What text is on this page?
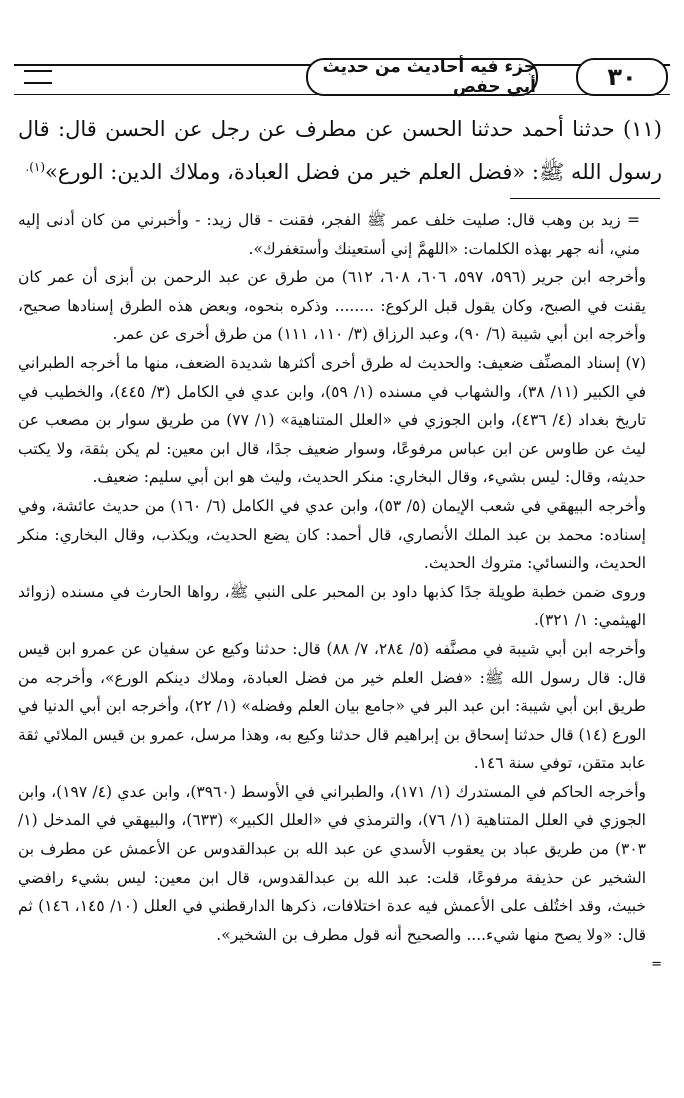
٣٠
جزء فيه أحاديث من حديث أبي حفص
(١١) حدثنا أحمد حدثنا الحسن عن مطرف عن رجل عن الحسن قال: قال رسول الله ﷺ: «فضل العلم خير من فضل العبادة، وملاك الدين: الورع»$^{(١).}$

= زيد بن وهب قال: صليت خلف عمر ﷺ الفجر، فقنت - قال زيد: - وأخبرني من كان أدنى إليه مني، أنه جهر بهذه الكلمات: «اللهمَّ إني أستعينك وأستغفرك».

وأخرجه ابن جرير (٥٩٦، ٥٩٧، ٦٠٦، ٦٠٨، ٦١٢) من طرق عن عبد الرحمن بن أبزى أن عمر كان يقنت في الصبح، وكان يقول قبل الركوع: ........ وذكره بنحوه، وبعض هذه الطرق إسنادها صحيح، وأخرجه ابن أبي شيبة (٦/ ٩٠)، وعبد الرزاق (٣/ ١١٠، ١١١) من طرق أخرى عن عمر.

(٧) إسناد المصنِّف ضعيف: والحديث له طرق أخرى أكثرها شديدة الضعف، منها ما أخرجه الطبراني في الكبير (١١/ ٣٨)، والشهاب في مسنده (١/ ٥٩)، وابن عدي في الكامل (٣/ ٤٤٥)، والخطيب في تاريخ بغداد (٤/ ٤٣٦)، وابن الجوزي في «العلل المتناهية» (١/ ٧٧) من طريق سوار بن مصعب عن ليث عن طاوس عن ابن عباس مرفوعًا، وسوار ضعيف جدًا، قال ابن معين: لم يكن بثقة، ولا يكتب حديثه، وقال: ليس بشيء، وقال البخاري: منكر الحديث، وليث هو ابن أبي سليم: ضعيف.

وأخرجه البيهقي في شعب الإيمان (٥/ ٥٣)، وابن عدي في الكامل (٦/ ١٦٠) من حديث عائشة، وفي إسناده: محمد بن عبد الملك الأنصاري، قال أحمد: كان يضع الحديث، ويكذب، وقال البخاري: منكر الحديث، والنسائي: متروك الحديث.

وروى ضمن خطبة طويلة جدًا كذبها داود بن المحبر على النبي ﷺ، رواها الحارث في مسنده (زوائد الهيثمي: ١/ ٣٢١).

وأخرجه ابن أبي شيبة في مصنَّفه (٥/ ٢٨٤، ٧/ ٨٨) قال: حدثنا وكيع عن سفيان عن عمرو ابن قيس قال: قال رسول الله ﷺ: «فضل العلم خير من فضل العبادة، وملاك دينكم الورع»، وأخرجه من طريق ابن أبي شيبة: ابن عبد البر في «جامع بيان العلم وفضله» (١/ ٢٢)، وأخرجه ابن أبي الدنيا في الورع (١٤) قال حدثنا إسحاق بن إبراهيم قال حدثنا وكيع به، وهذا مرسل، عمرو بن قيس الملائي ثقة عابد متقن، توفي سنة ١٤٦.

وأخرجه الحاكم في المستدرك (١/ ١٧١)، والطبراني في الأوسط (٣٩٦٠)، وابن عدي (٤/ ١٩٧)، وابن الجوزي في العلل المتناهية (١/ ٧٦)، والترمذي في «العلل الكبير» (٦٣٣)، والبيهقي في المدخل (١/ ٣٠٣) من طريق عباد بن يعقوب الأسدي عن عبد الله بن عبدالقدوس عن الأعمش عن مطرف بن الشخير عن حذيفة مرفوعًا، قلت: عبد الله بن عبدالقدوس، قال ابن معين: ليس بشيء رافضي خبيث، وقد اختُلف على الأعمش فيه عدة اختلافات، ذكرها الدارقطني في العلل (١٠/ ١٤٥، ١٤٦) ثم قال: «ولا يصح منها شيء.... والصحيح أنه قول مطرف بن الشخير».

=
